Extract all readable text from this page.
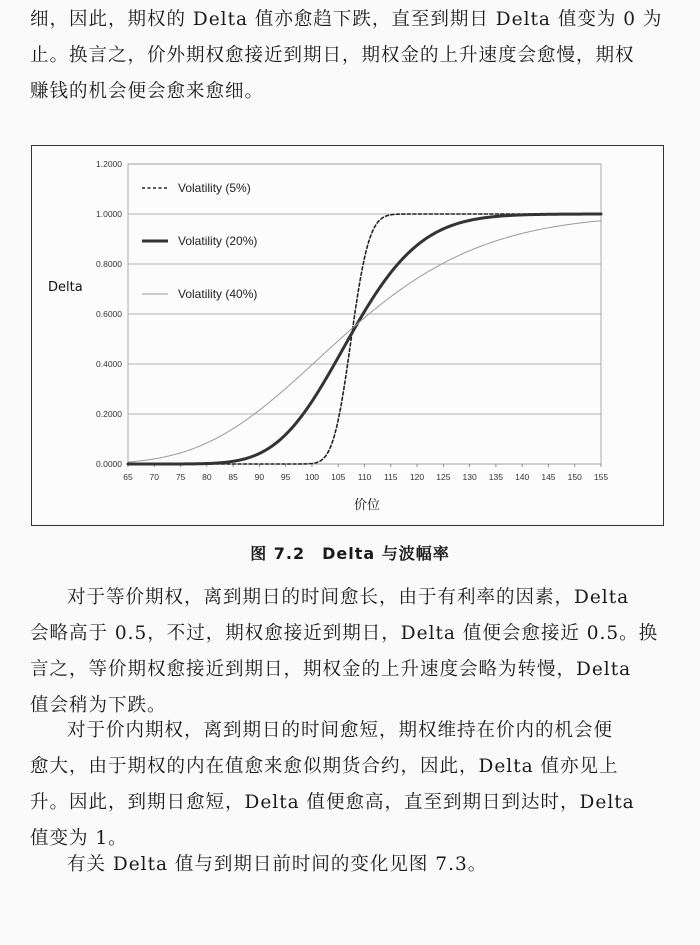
细，因此，期权的 Delta 值亦愈趋下跌，直至到期日 Delta 值变为 0 为
止。换言之，价外期权愈接近到期日，期权金的上升速度会愈慢，期权
赚钱的机会便会愈来愈细。

0.0000
0.2000
0.4000
0.6000
0.8000
1.0000
1.2000
65 70 75 80 85 90 95 100 105 110 115 120 125 130 135 140 145 150 155
Volatility (5%)
Volatility (20%)
Volatility (40%)
Delta
价位
图 7.2　Delta 与波幅率

对于等价期权，离到期日的时间愈长，由于有利率的因素，Delta
会略高于 0.5，不过，期权愈接近到期日，Delta 值便会愈接近 0.5。换
言之，等价期权愈接近到期日，期权金的上升速度会略为转慢，Delta
值会稍为下跌。

对于价内期权，离到期日的时间愈短，期权维持在价内的机会便
愈大，由于期权的内在值愈来愈似期货合约，因此，Delta 值亦见上
升。因此，到期日愈短，Delta 值便愈高，直至到期日到达时，Delta
值变为 1。

有关 Delta 值与到期日前时间的变化见图 7.3。
